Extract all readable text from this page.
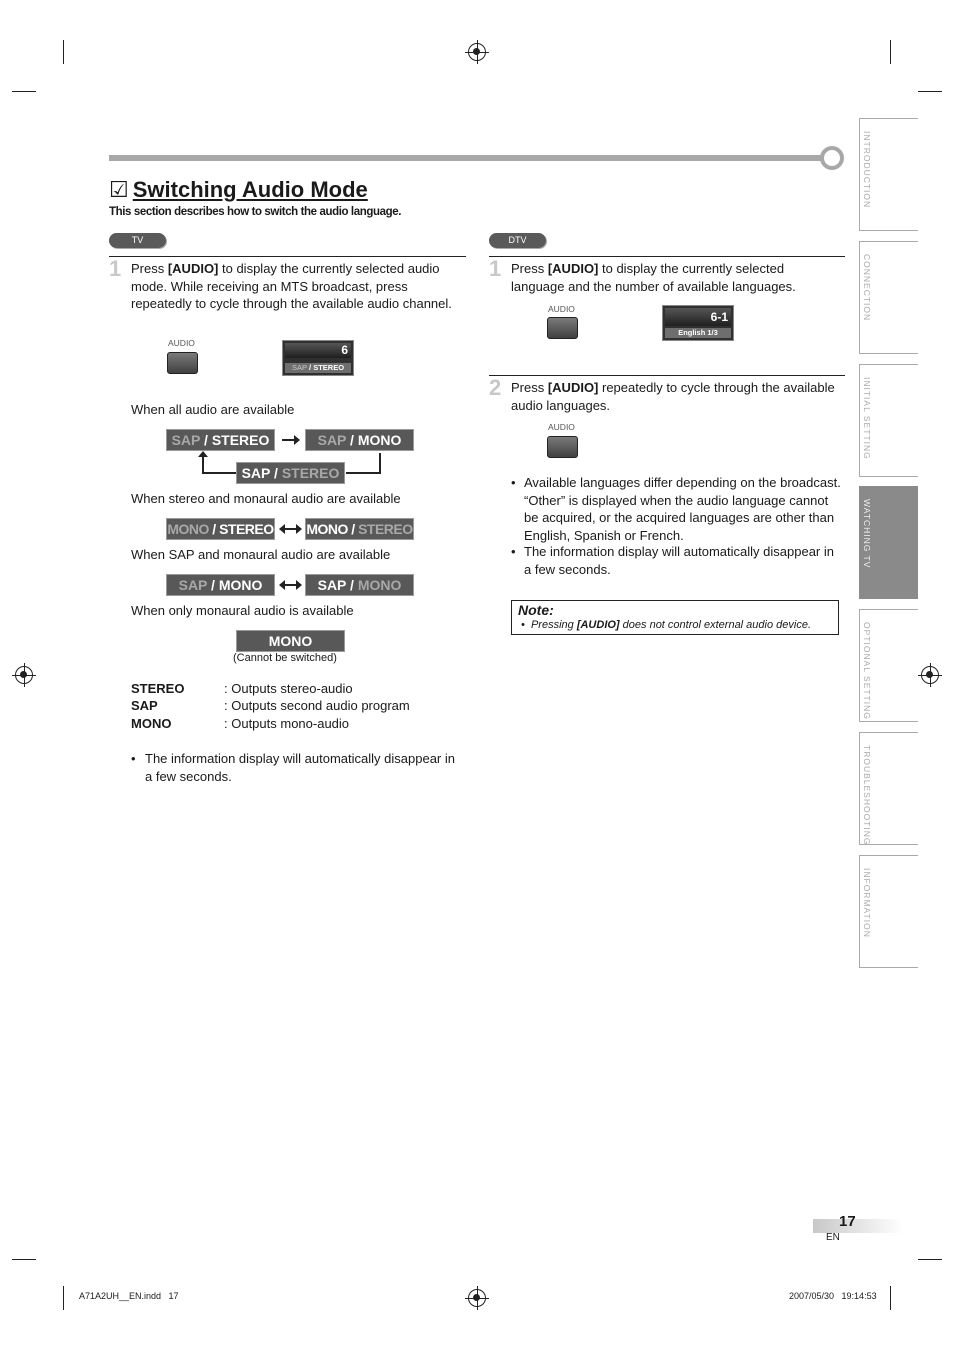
☑ Switching Audio Mode
This section describes how to switch the audio language.
TV
1 Press [AUDIO] to display the currently selected audio mode. While receiving an MTS broadcast, press repeatedly to cycle through the available audio channel.
AUDIO	6
SAP / STEREO
When all audio are available
SAP / STEREO	SAP / MONO
SAP / STEREO
When stereo and monaural audio are available
MONO / STEREO MONO / STEREO
When SAP and monaural audio are available
SAP / MONO	SAP / MONO
When only monaural audio is available
MONO
(Cannot be switched)
STEREO	: Outputs stereo-audio
SAP	: Outputs second audio program
MONO	: Outputs mono-audio
• The information display will automatically disappear in a few seconds.
DTV
1 Press [AUDIO] to display the currently selected language and the number of available languages.
AUDIO
6-1
English 1/3
2 Press [AUDIO] repeatedly to cycle through the available audio languages.
AUDIO
• Available languages differ depending on the broadcast. “Other” is displayed when the audio language cannot be acquired, or the acquired languages are other than English, Spanish or French.
• The information display will automatically disappear in a few seconds.
Note:
•  Pressing [AUDIO] does not control external audio device.
INTRODUCTION
CONNECTION
INITIAL SETTING
WATCHING TV
OPTIONAL SETTING
TROUBLESHOOTING
INFORMATION
17
EN
A71A2UH__EN.indd   17	2007/05/30   19:14:53
